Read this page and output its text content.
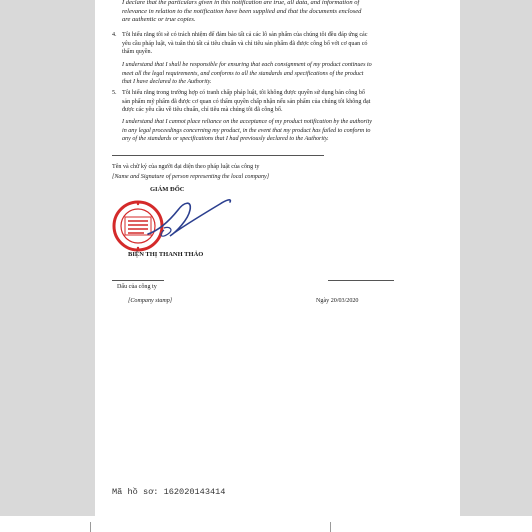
I declare that the particulars given in this notification are true, all data, and information of
relevance in relation to the notification have been supplied and that the documents enclosed
are authentic or true copies.
4. Tôi hiểu rằng tôi sẽ có trách nhiệm để đảm bảo tất cả các lô sản phẩm của chúng tôi đều đáp ứng các
yêu cầu pháp luật, và tuân thủ tất cả tiêu chuẩn và chỉ tiêu sản phẩm đã được công bố với cơ quan có
thẩm quyền.
I understand that I shall be responsible for ensuring that each consignment of my product continues to
meet all the legal requirements, and conforms to all the standards and specifications of the product
that I have declared to the Authority.
5. Tôi hiểu rằng trong trường hợp có tranh chấp pháp luật, tôi không được quyền sử dụng bản công bố
sản phẩm mỹ phẩm đã được cơ quan có thẩm quyền chấp nhận nếu sản phẩm của chúng tôi không đạt
được các yêu cầu về tiêu chuẩn, chỉ tiêu mà chúng tôi đã công bố.
I understand that I cannot place reliance on the acceptance of my product notification by the authority
in any legal proceedings concerning my product, in the event that my product has failed to conform to
any of the standards or specifications that I had previously declared to the Authority.
Tên và chữ ký của người đại diện theo pháp luật của công ty
[Name and Signature of person representing the local company]
GIÁM ĐỐC
BIỆN THỊ THANH THẢO
Dấu của công ty
[Company stamp]	Ngày 20/03/2020
Mã hồ sơ: 162020143414
